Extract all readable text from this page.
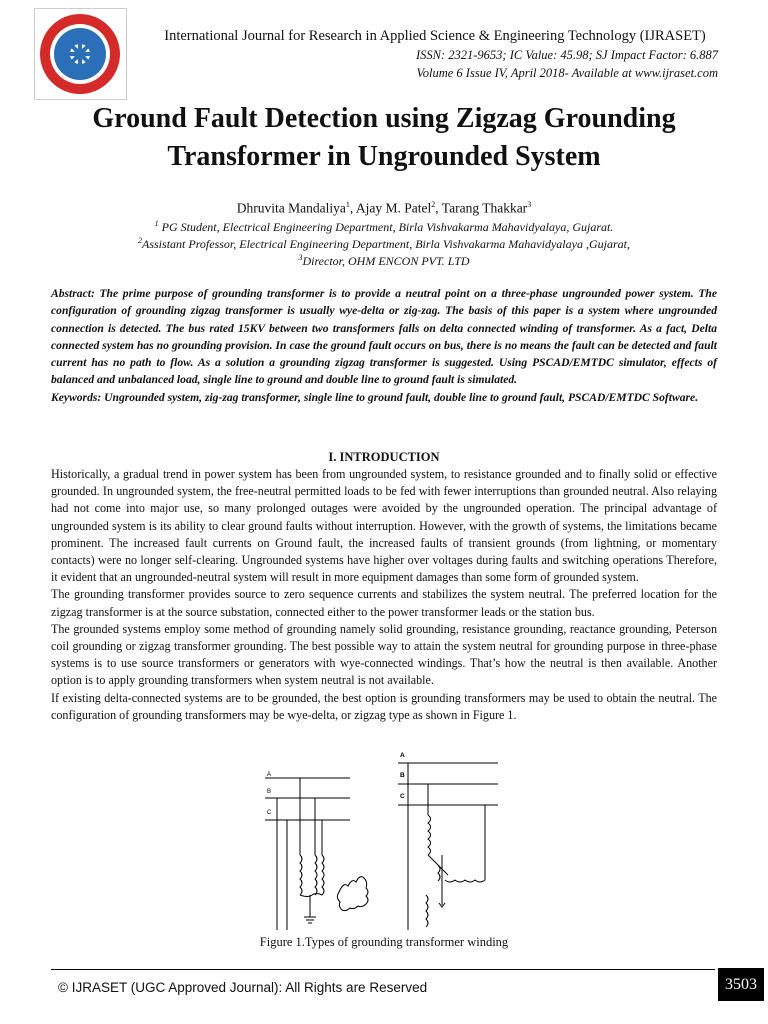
International Journal for Research in Applied Science & Engineering Technology (IJRASET)
ISSN: 2321-9653; IC Value: 45.98; SJ Impact Factor: 6.887
Volume 6 Issue IV, April 2018- Available at www.ijraset.com
Ground Fault Detection using Zigzag Grounding
Transformer in Ungrounded System
Dhruvita Mandaliya$^1$, Ajay M. Patel$^2$, Tarang Thakkar$^3$
$^1$ PG Student, Electrical Engineering Department, Birla Vishvakarma Mahavidyalaya, Gujarat.
$^2$Assistant Professor, Electrical Engineering Department, Birla Vishvakarma Mahavidyalaya ,Gujarat,
$^3$Director, OHM ENCON PVT. LTD

Abstract: The prime purpose of grounding transformer is to provide a neutral point on a three-phase ungrounded power system. The configuration of grounding zigzag transformer is usually wye-delta or zig-zag. The basis of this paper is a system where ungrounded connection is detected. The bus rated 15KV between two transformers falls on delta connected winding of transformer. As a fact, Delta connected system has no grounding provision. In case the ground fault occurs on bus, there is no means the fault can be detected and fault current has no path to flow. As a solution a grounding zigzag transformer is suggested. Using PSCAD/EMTDC simulator, effects of balanced and unbalanced load, single line to ground and double line to ground fault is simulated.

Keywords: Ungrounded system, zig-zag transformer, single line to ground fault, double line to ground fault, PSCAD/EMTDC Software.

I. INTRODUCTION

Historically, a gradual trend in power system has been from ungrounded system, to resistance grounded and to finally solid or effective grounded. In ungrounded system, the free-neutral permitted loads to be fed with fewer interruptions than grounded neutral. Also relaying had not come into major use, so many prolonged outages were avoided by the ungrounded operation. The principal advantage of ungrounded system is its ability to clear ground faults without interruption. However, with the growth of systems, the limitations became prominent. The increased fault currents on Ground fault, the increased faults of transient grounds (from lightning, or momentary contacts) were no longer self-clearing. Ungrounded systems have higher over voltages during faults and switching operations Therefore, it evident that an ungrounded-neutral system will result in more equipment damages than some form of grounded system.

The grounding transformer provides source to zero sequence currents and stabilizes the system neutral. The preferred location for the zigzag transformer is at the source substation, connected either to the power transformer leads or the station bus.

The grounded systems employ some method of grounding namely solid grounding, resistance grounding, reactance grounding, Peterson coil grounding or zigzag transformer grounding. The best possible way to attain the system neutral for grounding purpose in three-phase systems is to use source transformers or generators with wye-connected windings. That’s how the neutral is then available. Another option is to apply grounding transformers when system neutral is not available.

If existing delta-connected systems are to be grounded, the best option is grounding transformers may be used to obtain the neutral. The configuration of grounding transformers may be wye-delta, or zigzag type as shown in Figure 1.

A
B
C
A
B
C
Figure 1.Types of grounding transformer winding
© IJRASET (UGC Approved Journal): All Rights are Reserved	3503
